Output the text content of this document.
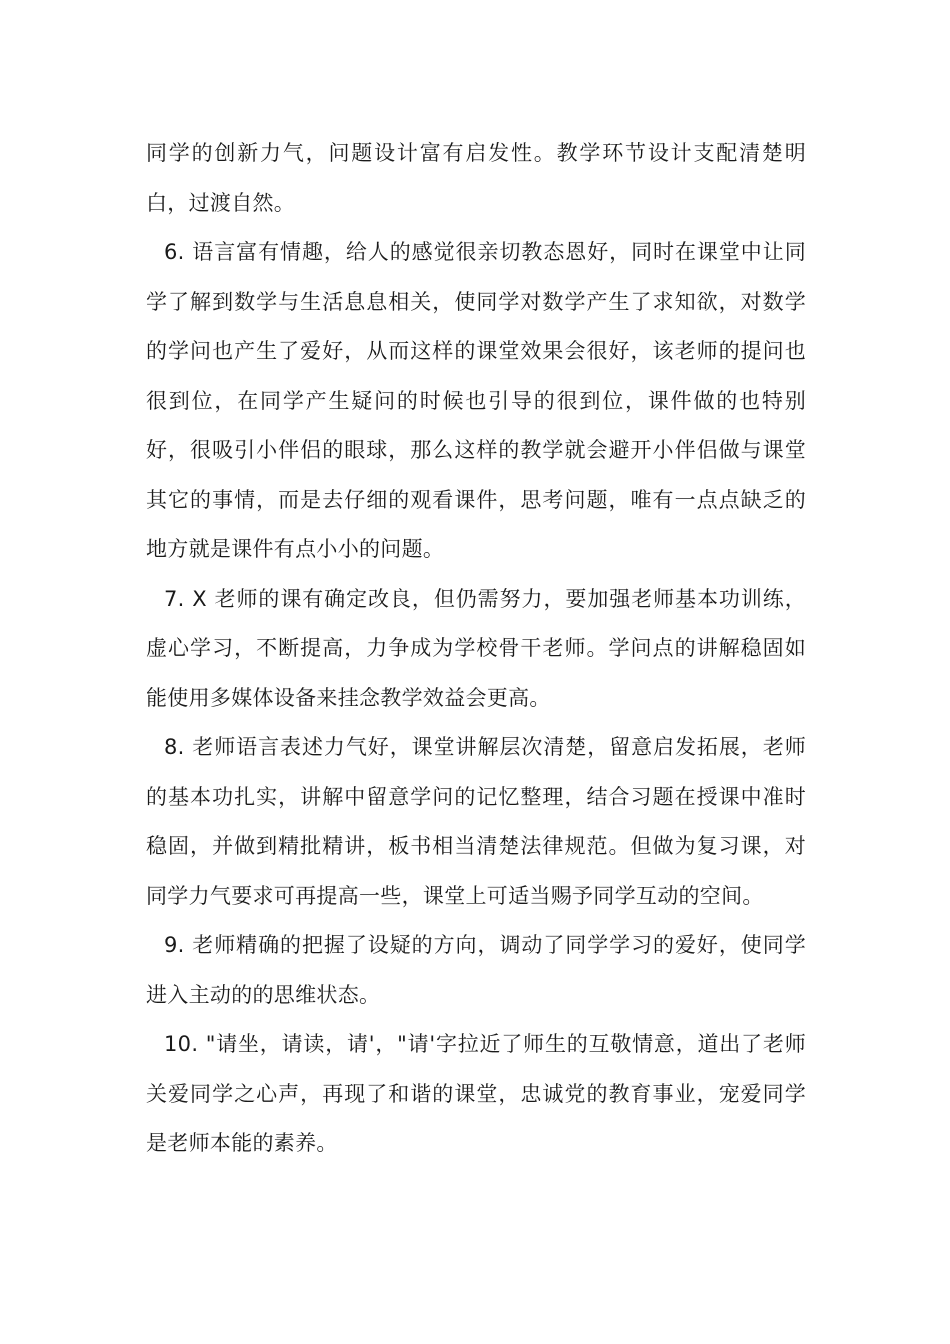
同学的创新力气，问题设计富有启发性。教学环节设计支配清楚明白，过渡自然。

6. 语言富有情趣，给人的感觉很亲切教态恩好，同时在课堂中让同学了解到数学与生活息息相关，使同学对数学产生了求知欲，对数学的学问也产生了爱好，从而这样的课堂效果会很好，该老师的提问也很到位，在同学产生疑问的时候也引导的很到位，课件做的也特别好，很吸引小伴侣的眼球，那么这样的教学就会避开小伴侣做与课堂其它的事情，而是去仔细的观看课件，思考问题，唯有一点点缺乏的地方就是课件有点小小的问题。

7. X 老师的课有确定改良，但仍需努力，要加强老师基本功训练，虚心学习，不断提高，力争成为学校骨干老师。学问点的讲解稳固如能使用多媒体设备来挂念教学效益会更高。

8. 老师语言表述力气好，课堂讲解层次清楚，留意启发拓展，老师的基本功扎实，讲解中留意学问的记忆整理，结合习题在授课中准时稳固，并做到精批精讲，板书相当清楚法律规范。但做为复习课，对同学力气要求可再提高一些，课堂上可适当赐予同学互动的空间。

9. 老师精确的把握了设疑的方向，调动了同学学习的爱好，使同学进入主动的的思维状态。

10. "请坐，请读，请'，"请'字拉近了师生的互敬情意，道出了老师关爱同学之心声，再现了和谐的课堂，忠诚党的教育事业，宠爱同学是老师本能的素养。
